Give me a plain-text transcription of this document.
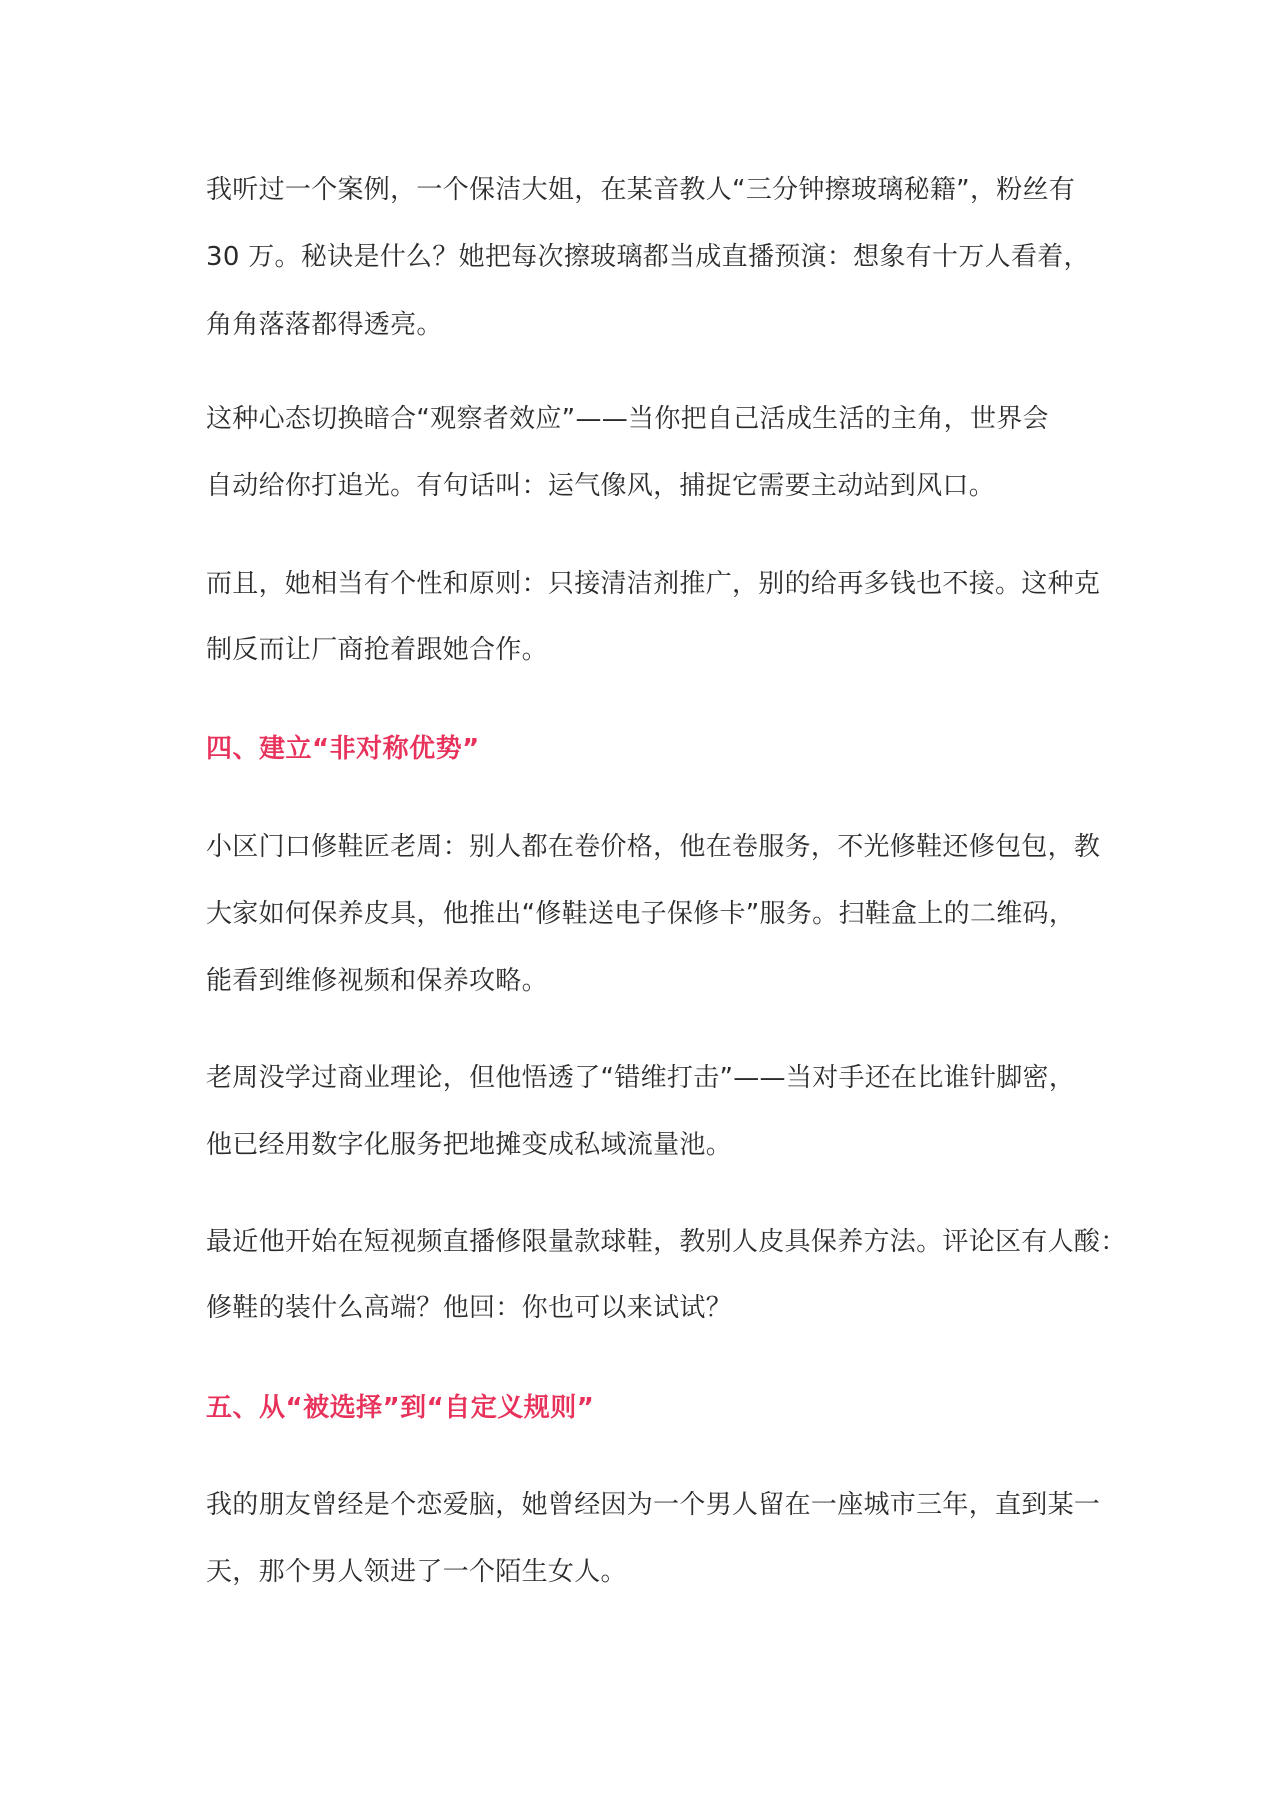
我听过一个案例，一个保洁大姐，在某音教人“三分钟擦玻璃秘籍”，粉丝有
30 万。秘诀是什么？她把每次擦玻璃都当成直播预演：想象有十万人看着，
角角落落都得透亮。
这种心态切换暗合“观察者效应”——当你把自己活成生活的主角，世界会
自动给你打追光。有句话叫：运气像风，捕捉它需要主动站到风口。
而且，她相当有个性和原则：只接清洁剂推广，别的给再多钱也不接。这种克
制反而让厂商抢着跟她合作。
四、建立“非对称优势”
小区门口修鞋匠老周：别人都在卷价格，他在卷服务，不光修鞋还修包包，教
大家如何保养皮具，他推出“修鞋送电子保修卡”服务。扫鞋盒上的二维码，
能看到维修视频和保养攻略。
老周没学过商业理论，但他悟透了“错维打击”——当对手还在比谁针脚密，
他已经用数字化服务把地摊变成私域流量池。
最近他开始在短视频直播修限量款球鞋，教别人皮具保养方法。评论区有人酸：
修鞋的装什么高端？他回：你也可以来试试？
五、从“被选择”到“自定义规则”
我的朋友曾经是个恋爱脑，她曾经因为一个男人留在一座城市三年，直到某一
天，那个男人领进了一个陌生女人。
